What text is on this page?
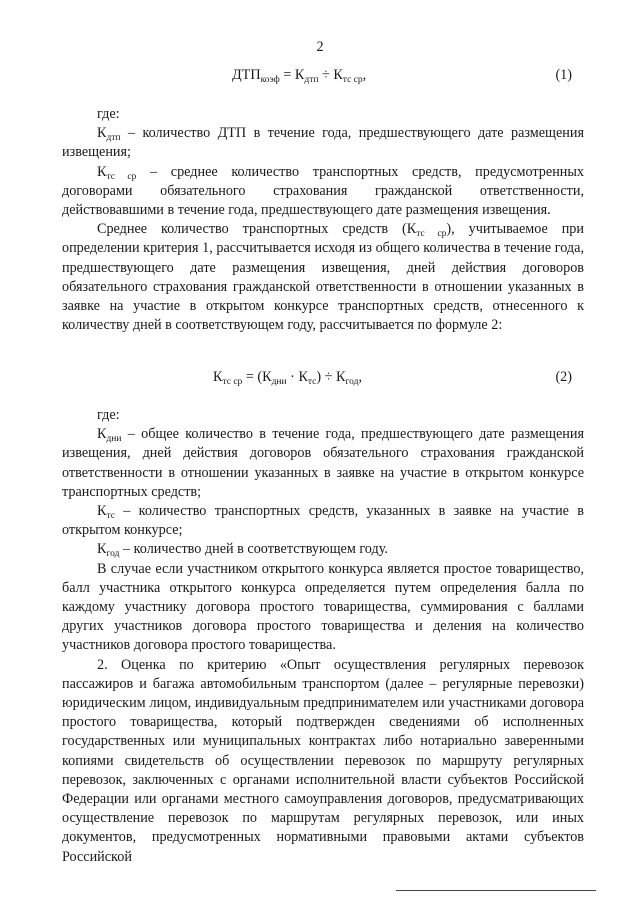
2
$ДТП_{коэф} = К_{дтп} \div К_{тс ср}$,	(1)

где:

$К_{дтп}$ – количество ДТП в течение года, предшествующего дате размещения извещения;

$К_{тс ср}$ – среднее количество транспортных средств, предусмотренных договорами обязательного страхования гражданской ответственности, действовавшими в течение года, предшествующего дате размещения извещения.

Среднее количество транспортных средств $(К_{тс ср})$, учитываемое при определении критерия 1, рассчитывается исходя из общего количества в течение года, предшествующего дате размещения извещения, дней действия договоров обязательного страхования гражданской ответственности в отношении указанных в заявке на участие в открытом конкурсе транспортных средств, отнесенного к количеству дней в соответствующем году, рассчитывается по формуле 2:

$К_{тс ср} = (К_{дни} \cdot К_{тс}) \div К_{год}$,	(2)

где:

$К_{дни}$ – общее количество в течение года, предшествующего дате размещения извещения, дней действия договоров обязательного страхования гражданской ответственности в отношении указанных в заявке на участие в открытом конкурсе транспортных средств;

$К_{тс}$ – количество транспортных средств, указанных в заявке на участие в открытом конкурсе;

$К_{год}$ – количество дней в соответствующем году.

В случае если участником открытого конкурса является простое товарищество, балл участника открытого конкурса определяется путем определения балла по каждому участнику договора простого товарищества, суммирования с баллами других участников договора простого товарищества и деления на количество участников договора простого товарищества.

2. Оценка по критерию «Опыт осуществления регулярных перевозок пассажиров и багажа автомобильным транспортом (далее – регулярные перевозки) юридическим лицом, индивидуальным предпринимателем или участниками договора простого товарищества, который подтвержден сведениями об исполненных государственных или муниципальных контрактах либо нотариально заверенными копиями свидетельств об осуществлении перевозок по маршруту регулярных перевозок, заключенных с органами исполнительной власти субъектов Российской Федерации или органами местного самоуправления договоров, предусматривающих осуществление перевозок по маршрутам регулярных перевозок, или иных документов, предусмотренных нормативными правовыми актами субъектов Российской
